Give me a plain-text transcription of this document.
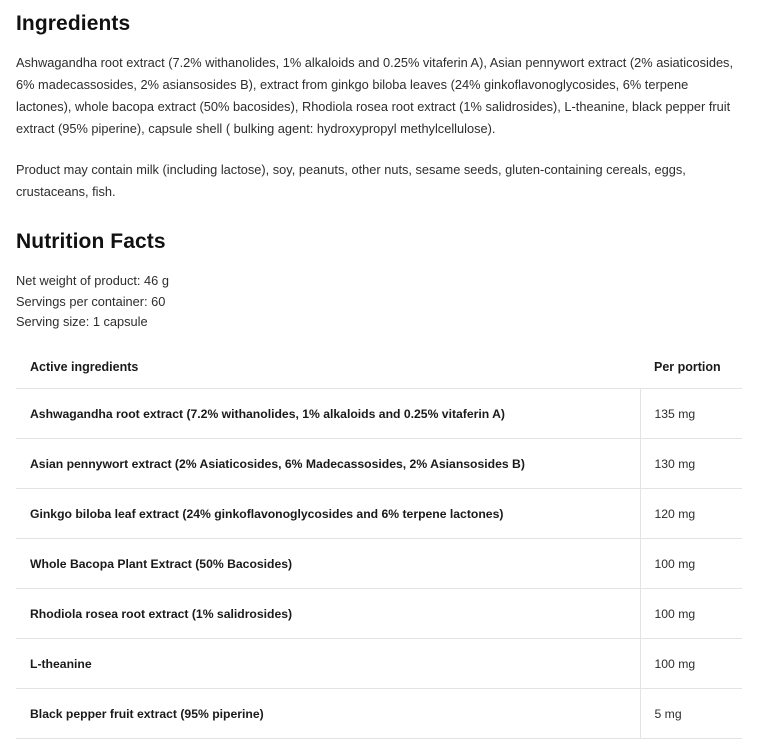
Ingredients

Ashwagandha root extract (7.2% withanolides, 1% alkaloids and 0.25% vitaferin A), Asian pennywort extract (2% asiaticosides, 6% madecassosides, 2% asiansosides B), extract from ginkgo biloba leaves (24% ginkoflavonoglycosides, 6% terpene lactones), whole bacopa extract (50% bacosides), Rhodiola rosea root extract (1% salidrosides), L-theanine, black pepper fruit extract (95% piperine), capsule shell ( bulking agent: hydroxypropyl methylcellulose).

Product may contain milk (including lactose), soy, peanuts, other nuts, sesame seeds, gluten-containing cereals, eggs, crustaceans, fish.

Nutrition Facts
Net weight of product: 46 g
Servings per container: 60
Serving size: 1 capsule
Active ingredients	Per portion
Ashwagandha root extract (7.2% withanolides, 1% alkaloids and 0.25% vitaferin A)	135 mg
Asian pennywort extract (2% Asiaticosides, 6% Madecassosides, 2% Asiansosides B)	130 mg
Ginkgo biloba leaf extract (24% ginkoflavonoglycosides and 6% terpene lactones)	120 mg
Whole Bacopa Plant Extract (50% Bacosides)	100 mg
Rhodiola rosea root extract (1% salidrosides)	100 mg
L-theanine	100 mg
Black pepper fruit extract (95% piperine)	5 mg
